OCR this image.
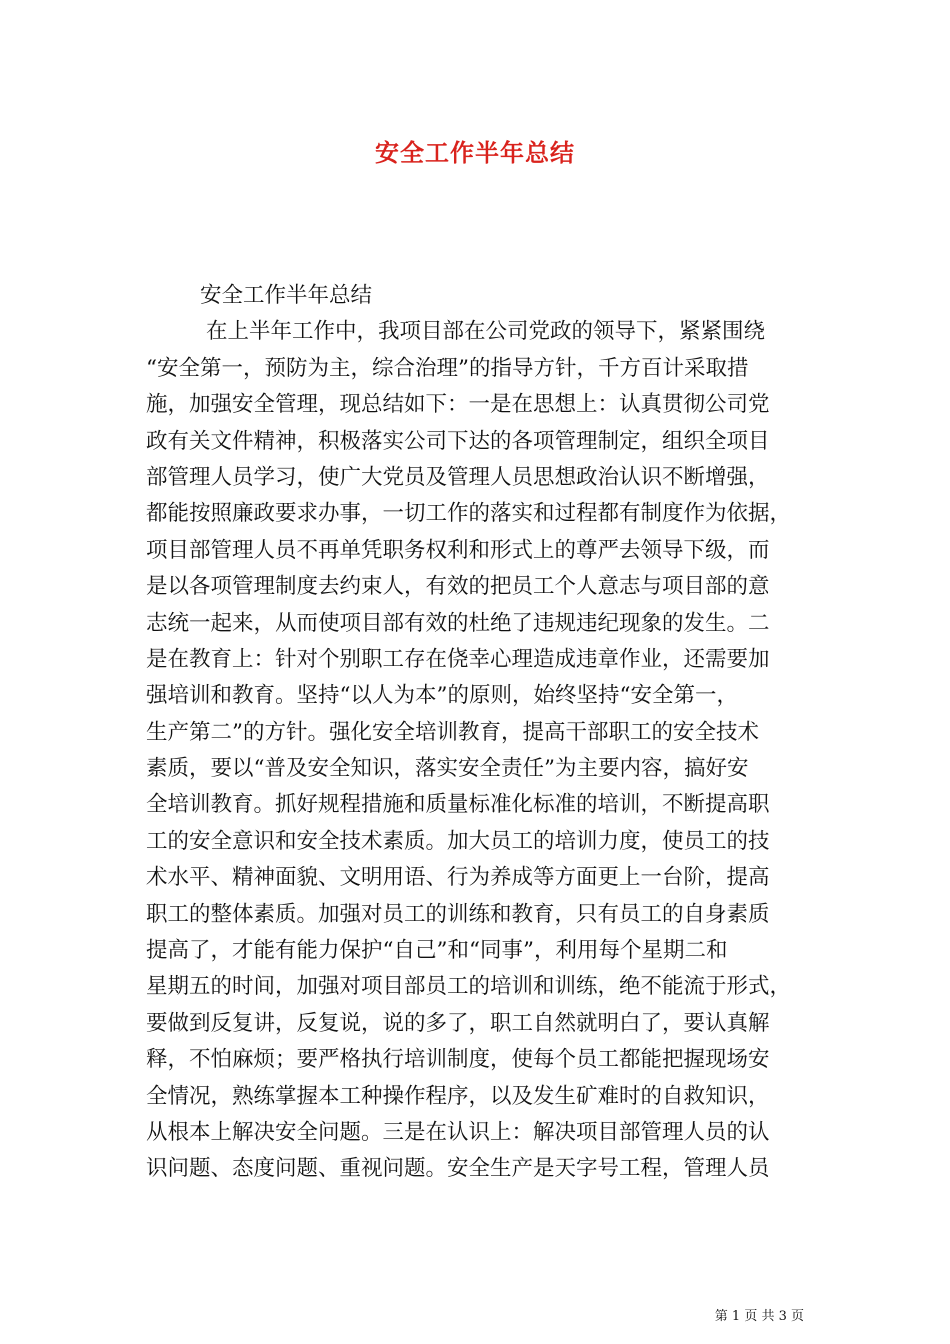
安全工作半年总结
安全工作半年总结
在上半年工作中，我项目部在公司党政的领导下，紧紧围绕
“安全第一，预防为主，综合治理”的指导方针，千方百计采取措
施，加强安全管理，现总结如下：一是在思想上：认真贯彻公司党
政有关文件精神，积极落实公司下达的各项管理制定，组织全项目
部管理人员学习，使广大党员及管理人员思想政治认识不断增强，
都能按照廉政要求办事，一切工作的落实和过程都有制度作为依据，
项目部管理人员不再单凭职务权利和形式上的尊严去领导下级，而
是以各项管理制度去约束人，有效的把员工个人意志与项目部的意
志统一起来，从而使项目部有效的杜绝了违规违纪现象的发生。二
是在教育上：针对个别职工存在侥幸心理造成违章作业，还需要加
强培训和教育。坚持“以人为本”的原则，始终坚持“安全第一，
生产第二”的方针。强化安全培训教育，提高干部职工的安全技术
素质，要以“普及安全知识，落实安全责任”为主要内容，搞好安
全培训教育。抓好规程措施和质量标准化标准的培训，不断提高职
工的安全意识和安全技术素质。加大员工的培训力度，使员工的技
术水平、精神面貌、文明用语、行为养成等方面更上一台阶，提高
职工的整体素质。加强对员工的训练和教育，只有员工的自身素质
提高了，才能有能力保护“自己”和“同事”，利用每个星期二和
星期五的时间，加强对项目部员工的培训和训练，绝不能流于形式，
要做到反复讲，反复说，说的多了，职工自然就明白了，要认真解
释，不怕麻烦；要严格执行培训制度，使每个员工都能把握现场安
全情况，熟练掌握本工种操作程序，以及发生矿难时的自救知识，
从根本上解决安全问题。三是在认识上：解决项目部管理人员的认
识问题、态度问题、重视问题。安全生产是天字号工程，管理人员
第 1 页 共 3 页
